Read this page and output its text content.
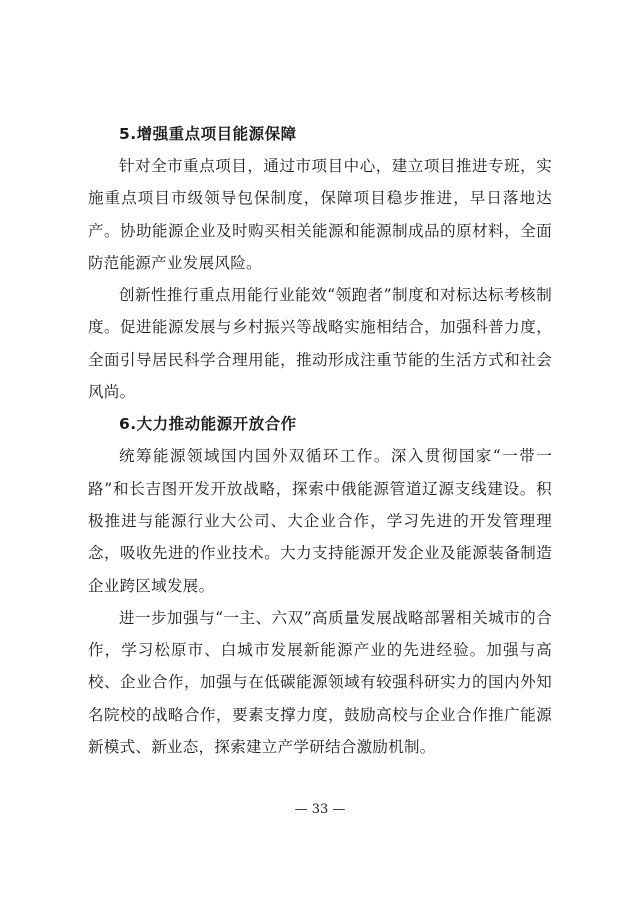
5.增强重点项目能源保障

针对全市重点项目，通过市项目中心，建立项目推进专班，实施重点项目市级领导包保制度，保障项目稳步推进，早日落地达产。协助能源企业及时购买相关能源和能源制成品的原材料，全面防范能源产业发展风险。

创新性推行重点用能行业能效“领跑者”制度和对标达标考核制度。促进能源发展与乡村振兴等战略实施相结合，加强科普力度，全面引导居民科学合理用能，推动形成注重节能的生活方式和社会风尚。

6.大力推动能源开放合作

统筹能源领域国内国外双循环工作。深入贯彻国家“一带一路”和长吉图开发开放战略，探索中俄能源管道辽源支线建设。积极推进与能源行业大公司、大企业合作，学习先进的开发管理理念，吸收先进的作业技术。大力支持能源开发企业及能源装备制造企业跨区域发展。

进一步加强与“一主、六双”高质量发展战略部署相关城市的合作，学习松原市、白城市发展新能源产业的先进经验。加强与高校、企业合作，加强与在低碳能源领域有较强科研实力的国内外知名院校的战略合作，要素支撑力度，鼓励高校与企业合作推广能源新模式、新业态，探索建立产学研结合激励机制。

— 33 —
